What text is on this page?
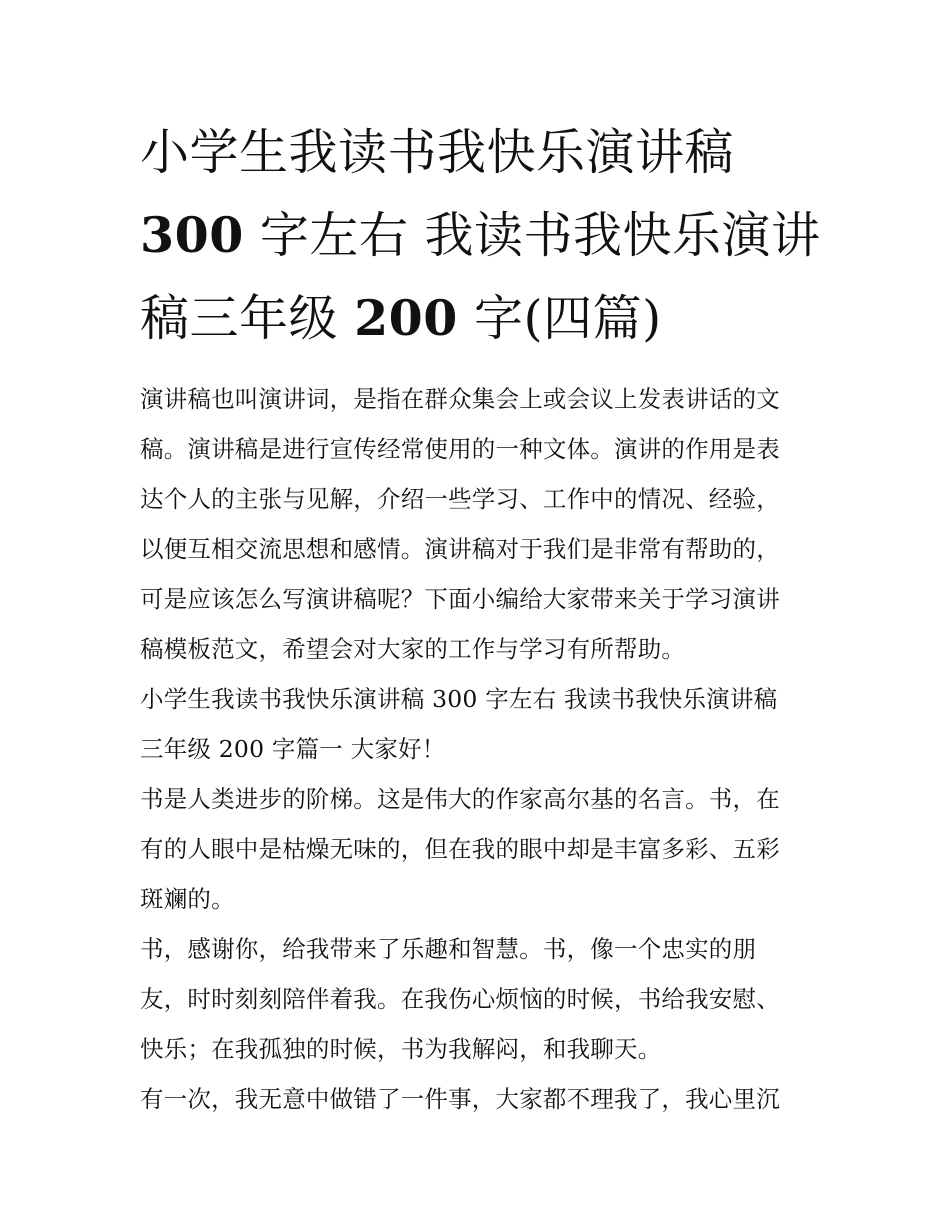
小学生我读书我快乐演讲稿
300 字左右 我读书我快乐演讲
稿三年级 200 字(四篇)

演讲稿也叫演讲词，是指在群众集会上或会议上发表讲话的文
稿。演讲稿是进行宣传经常使用的一种文体。演讲的作用是表
达个人的主张与见解，介绍一些学习、工作中的情况、经验，
以便互相交流思想和感情。演讲稿对于我们是非常有帮助的，
可是应该怎么写演讲稿呢？下面小编给大家带来关于学习演讲
稿模板范文，希望会对大家的工作与学习有所帮助。

小学生我读书我快乐演讲稿 300 字左右 我读书我快乐演讲稿
三年级 200 字篇一 大家好！

书是人类进步的阶梯。这是伟大的作家高尔基的名言。书，在
有的人眼中是枯燥无味的，但在我的眼中却是丰富多彩、五彩
斑斓的。

书，感谢你，给我带来了乐趣和智慧。书，像一个忠实的朋
友，时时刻刻陪伴着我。在我伤心烦恼的时候，书给我安慰、
快乐；在我孤独的时候，书为我解闷，和我聊天。

有一次，我无意中做错了一件事，大家都不理我了，我心里沉
